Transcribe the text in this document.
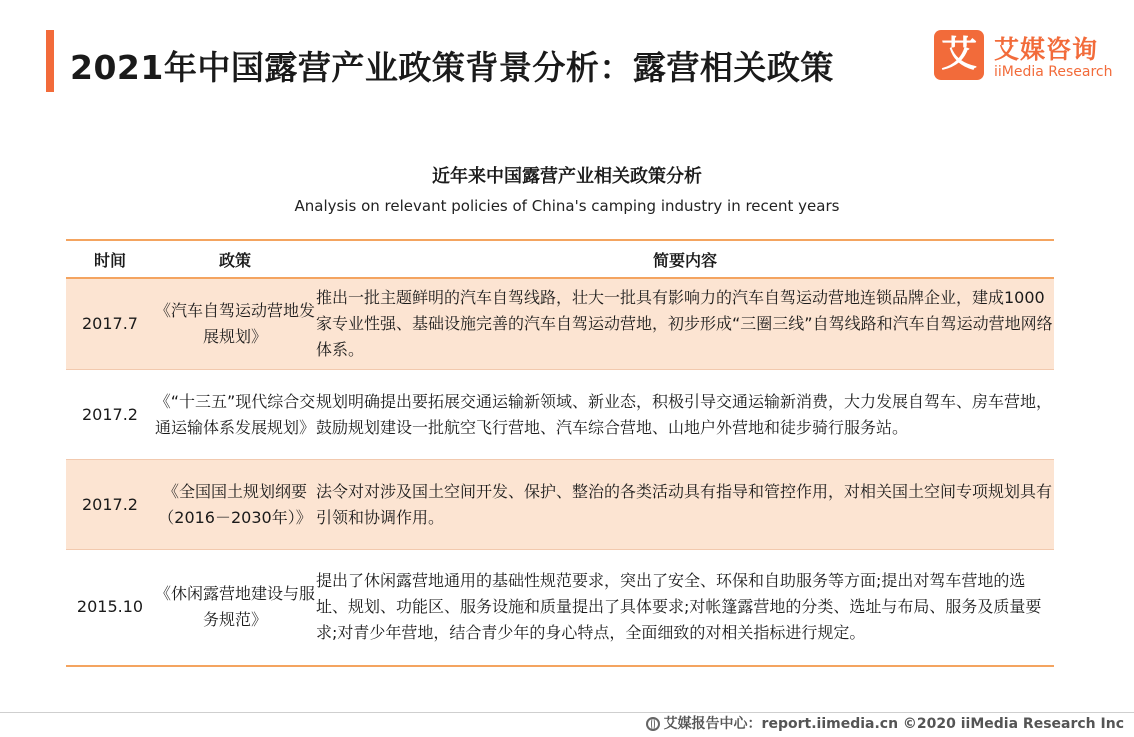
2021年中国露营产业政策背景分析：露营相关政策	艾 艾媒咨询
iiMedia Research
近年来中国露营产业相关政策分析
Analysis on relevant policies of China's camping industry in recent years
时间	政策	简要内容
2017.7	《汽车自驾运动营地发展规划》	推出一批主题鲜明的汽车自驾线路，壮大一批具有影响力的汽车自驾运动营地连锁品牌企业，建成1000家专业性强、基础设施完善的汽车自驾运动营地，初步形成“三圈三线”自驾线路和汽车自驾运动营地网络体系。
2017.2	《“十三五”现代综合交通运输体系发展规划》	规划明确提出要拓展交通运输新领域、新业态，积极引导交通运输新消费，大力发展自驾车、房车营地，鼓励规划建设一批航空飞行营地、汽车综合营地、山地户外营地和徒步骑行服务站。
2017.2	《全国国土规划纲要（2016－2030年）》	法令对对涉及国土空间开发、保护、整治的各类活动具有指导和管控作用，对相关国土空间专项规划具有引领和协调作用。
2015.10	《休闲露营地建设与服务规范》	提出了休闲露营地通用的基础性规范要求，突出了安全、环保和自助服务等方面;提出对驾车营地的选址、规划、功能区、服务设施和质量提出了具体要求;对帐篷露营地的分类、选址与布局、服务及质量要求;对青少年营地，结合青少年的身心特点，全面细致的对相关指标进行规定。
艾媒报告中心：report.iimedia.cn ©2020 iiMedia Research Inc
